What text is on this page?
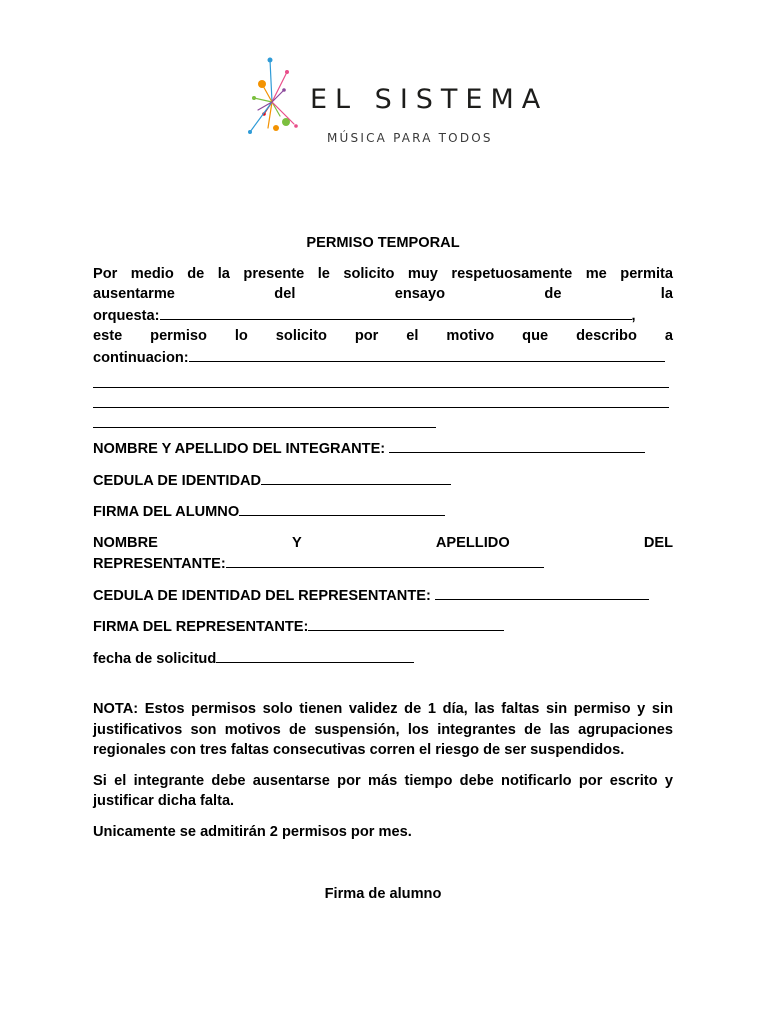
EL SISTEMA
MÚSICA PARA TODOS
PERMISO TEMPORAL
Por medio de la presente le solicito muy respetuosamente me permita
ausentarme	del	ensayo	de	la
orquesta:	,
este permiso lo solicito por el motivo que describo a
continuacion:
NOMBRE Y APELLIDO DEL INTEGRANTE:
CEDULA DE IDENTIDAD
FIRMA DEL ALUMNO
NOMBRE	Y	APELLIDO	DEL
REPRESENTANTE:
CEDULA DE IDENTIDAD DEL REPRESENTANTE:
FIRMA DEL REPRESENTANTE:
fecha de solicitud

NOTA: Estos permisos solo tienen validez de 1 día, las faltas sin permiso y sin justificativos son motivos de suspensión, los integrantes de las agrupaciones regionales con tres faltas consecutivas corren el riesgo de ser suspendidos.

Si el integrante debe ausentarse por más tiempo debe notificarlo por escrito y justificar dicha falta.

Unicamente se admitirán 2 permisos por mes.

Firma de alumno
